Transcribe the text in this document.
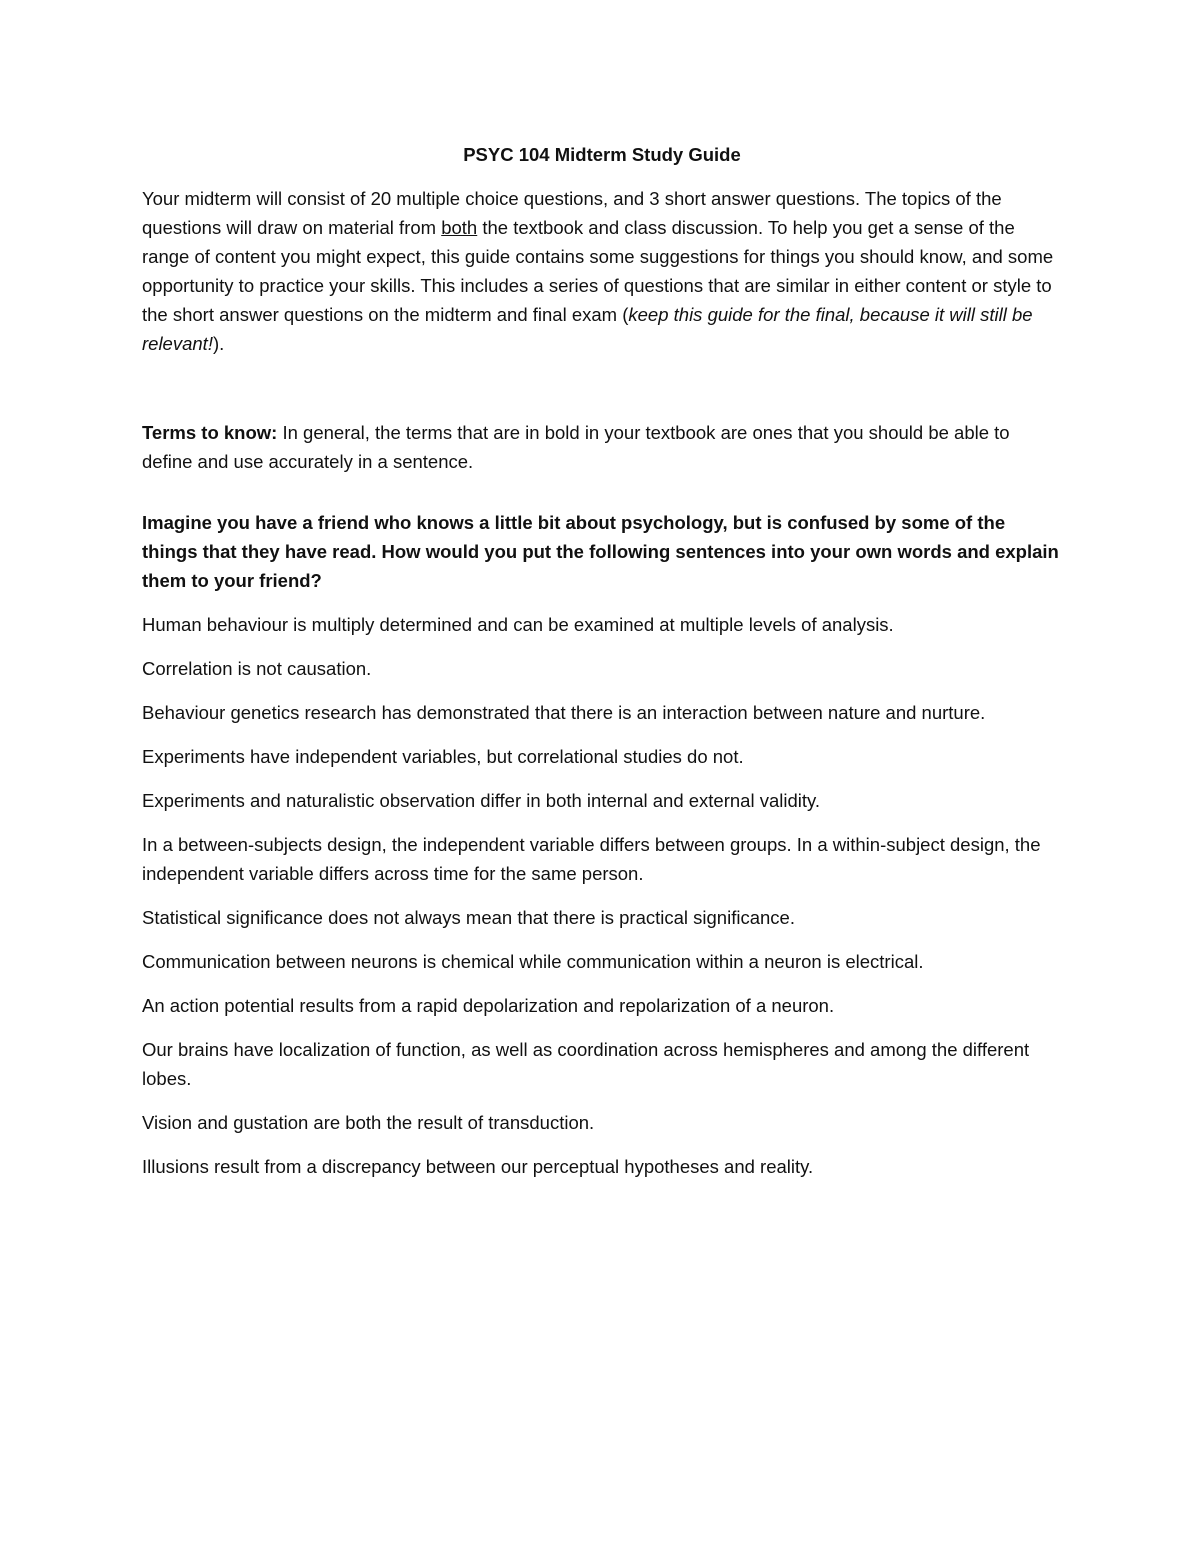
PSYC 104 Midterm Study Guide

Your midterm will consist of 20 multiple choice questions, and 3 short answer questions. The topics of the questions will draw on material from both the textbook and class discussion. To help you get a sense of the range of content you might expect, this guide contains some suggestions for things you should know, and some opportunity to practice your skills. This includes a series of questions that are similar in either content or style to the short answer questions on the midterm and final exam (keep this guide for the final, because it will still be relevant!).

Terms to know: In general, the terms that are in bold in your textbook are ones that you should be able to define and use accurately in a sentence.

Imagine you have a friend who knows a little bit about psychology, but is confused by some of the things that they have read. How would you put the following sentences into your own words and explain them to your friend?

Human behaviour is multiply determined and can be examined at multiple levels of analysis.

Correlation is not causation.

Behaviour genetics research has demonstrated that there is an interaction between nature and nurture.

Experiments have independent variables, but correlational studies do not.

Experiments and naturalistic observation differ in both internal and external validity.

In a between-subjects design, the independent variable differs between groups. In a within-subject design, the independent variable differs across time for the same person.

Statistical significance does not always mean that there is practical significance.

Communication between neurons is chemical while communication within a neuron is electrical.

An action potential results from a rapid depolarization and repolarization of a neuron.

Our brains have localization of function, as well as coordination across hemispheres and among the different lobes.

Vision and gustation are both the result of transduction.

Illusions result from a discrepancy between our perceptual hypotheses and reality.
